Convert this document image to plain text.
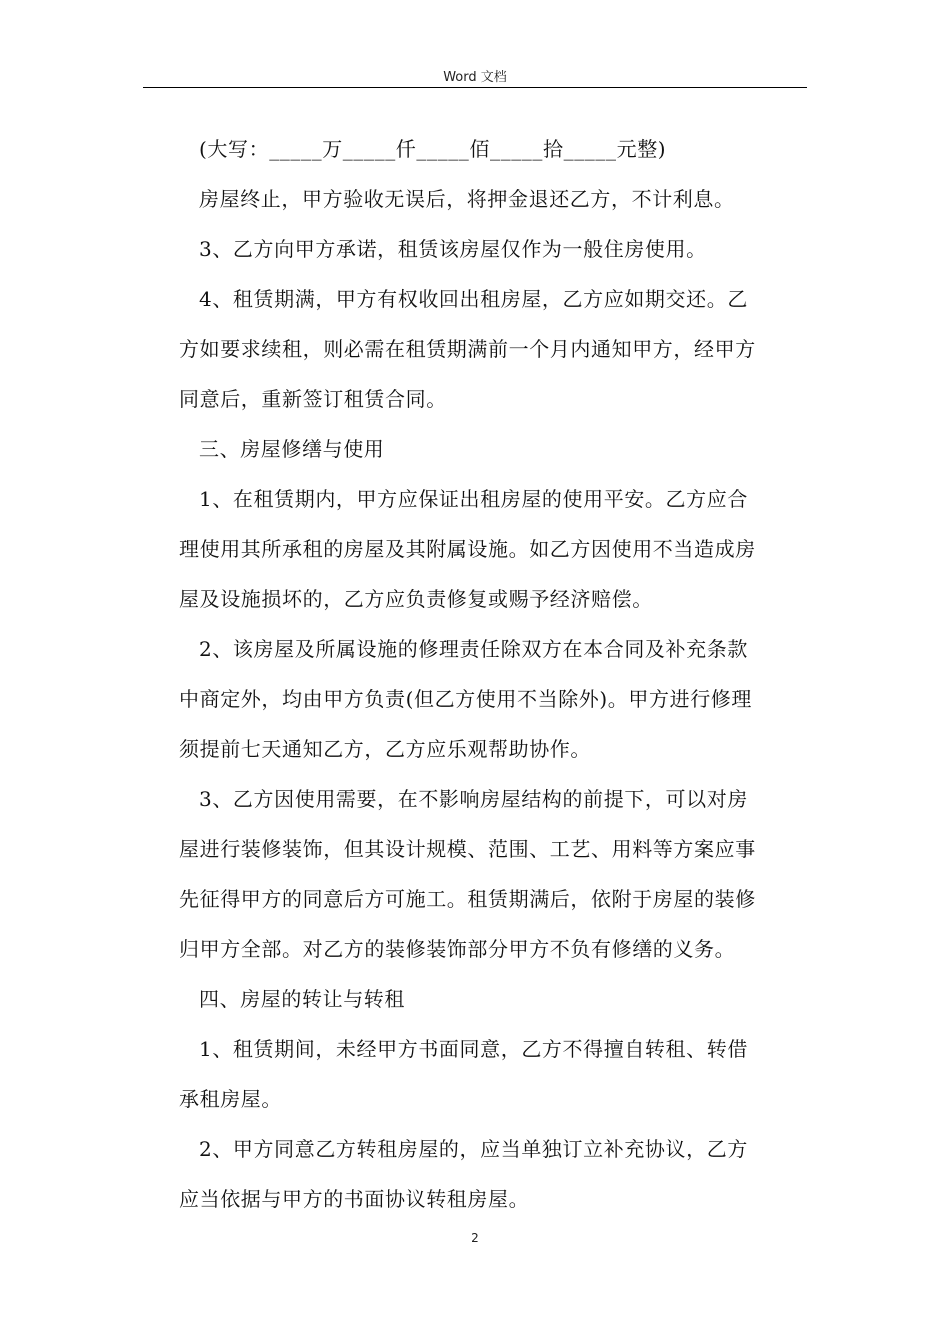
Word 文档
(大写：_____万_____仟_____佰_____拾_____元整)
房屋终止，甲方验收无误后，将押金退还乙方，不计利息。
3、乙方向甲方承诺，租赁该房屋仅作为一般住房使用。
4、租赁期满，甲方有权收回出租房屋，乙方应如期交还。乙
方如要求续租，则必需在租赁期满前一个月内通知甲方，经甲方
同意后，重新签订租赁合同。
三、房屋修缮与使用
1、在租赁期内，甲方应保证出租房屋的使用平安。乙方应合
理使用其所承租的房屋及其附属设施。如乙方因使用不当造成房
屋及设施损坏的，乙方应负责修复或赐予经济赔偿。
2、该房屋及所属设施的修理责任除双方在本合同及补充条款
中商定外，均由甲方负责(但乙方使用不当除外)。甲方进行修理
须提前七天通知乙方，乙方应乐观帮助协作。
3、乙方因使用需要，在不影响房屋结构的前提下，可以对房
屋进行装修装饰，但其设计规模、范围、工艺、用料等方案应事
先征得甲方的同意后方可施工。租赁期满后，依附于房屋的装修
归甲方全部。对乙方的装修装饰部分甲方不负有修缮的义务。
四、房屋的转让与转租
1、租赁期间，未经甲方书面同意，乙方不得擅自转租、转借
承租房屋。
2、甲方同意乙方转租房屋的，应当单独订立补充协议，乙方
应当依据与甲方的书面协议转租房屋。
2
